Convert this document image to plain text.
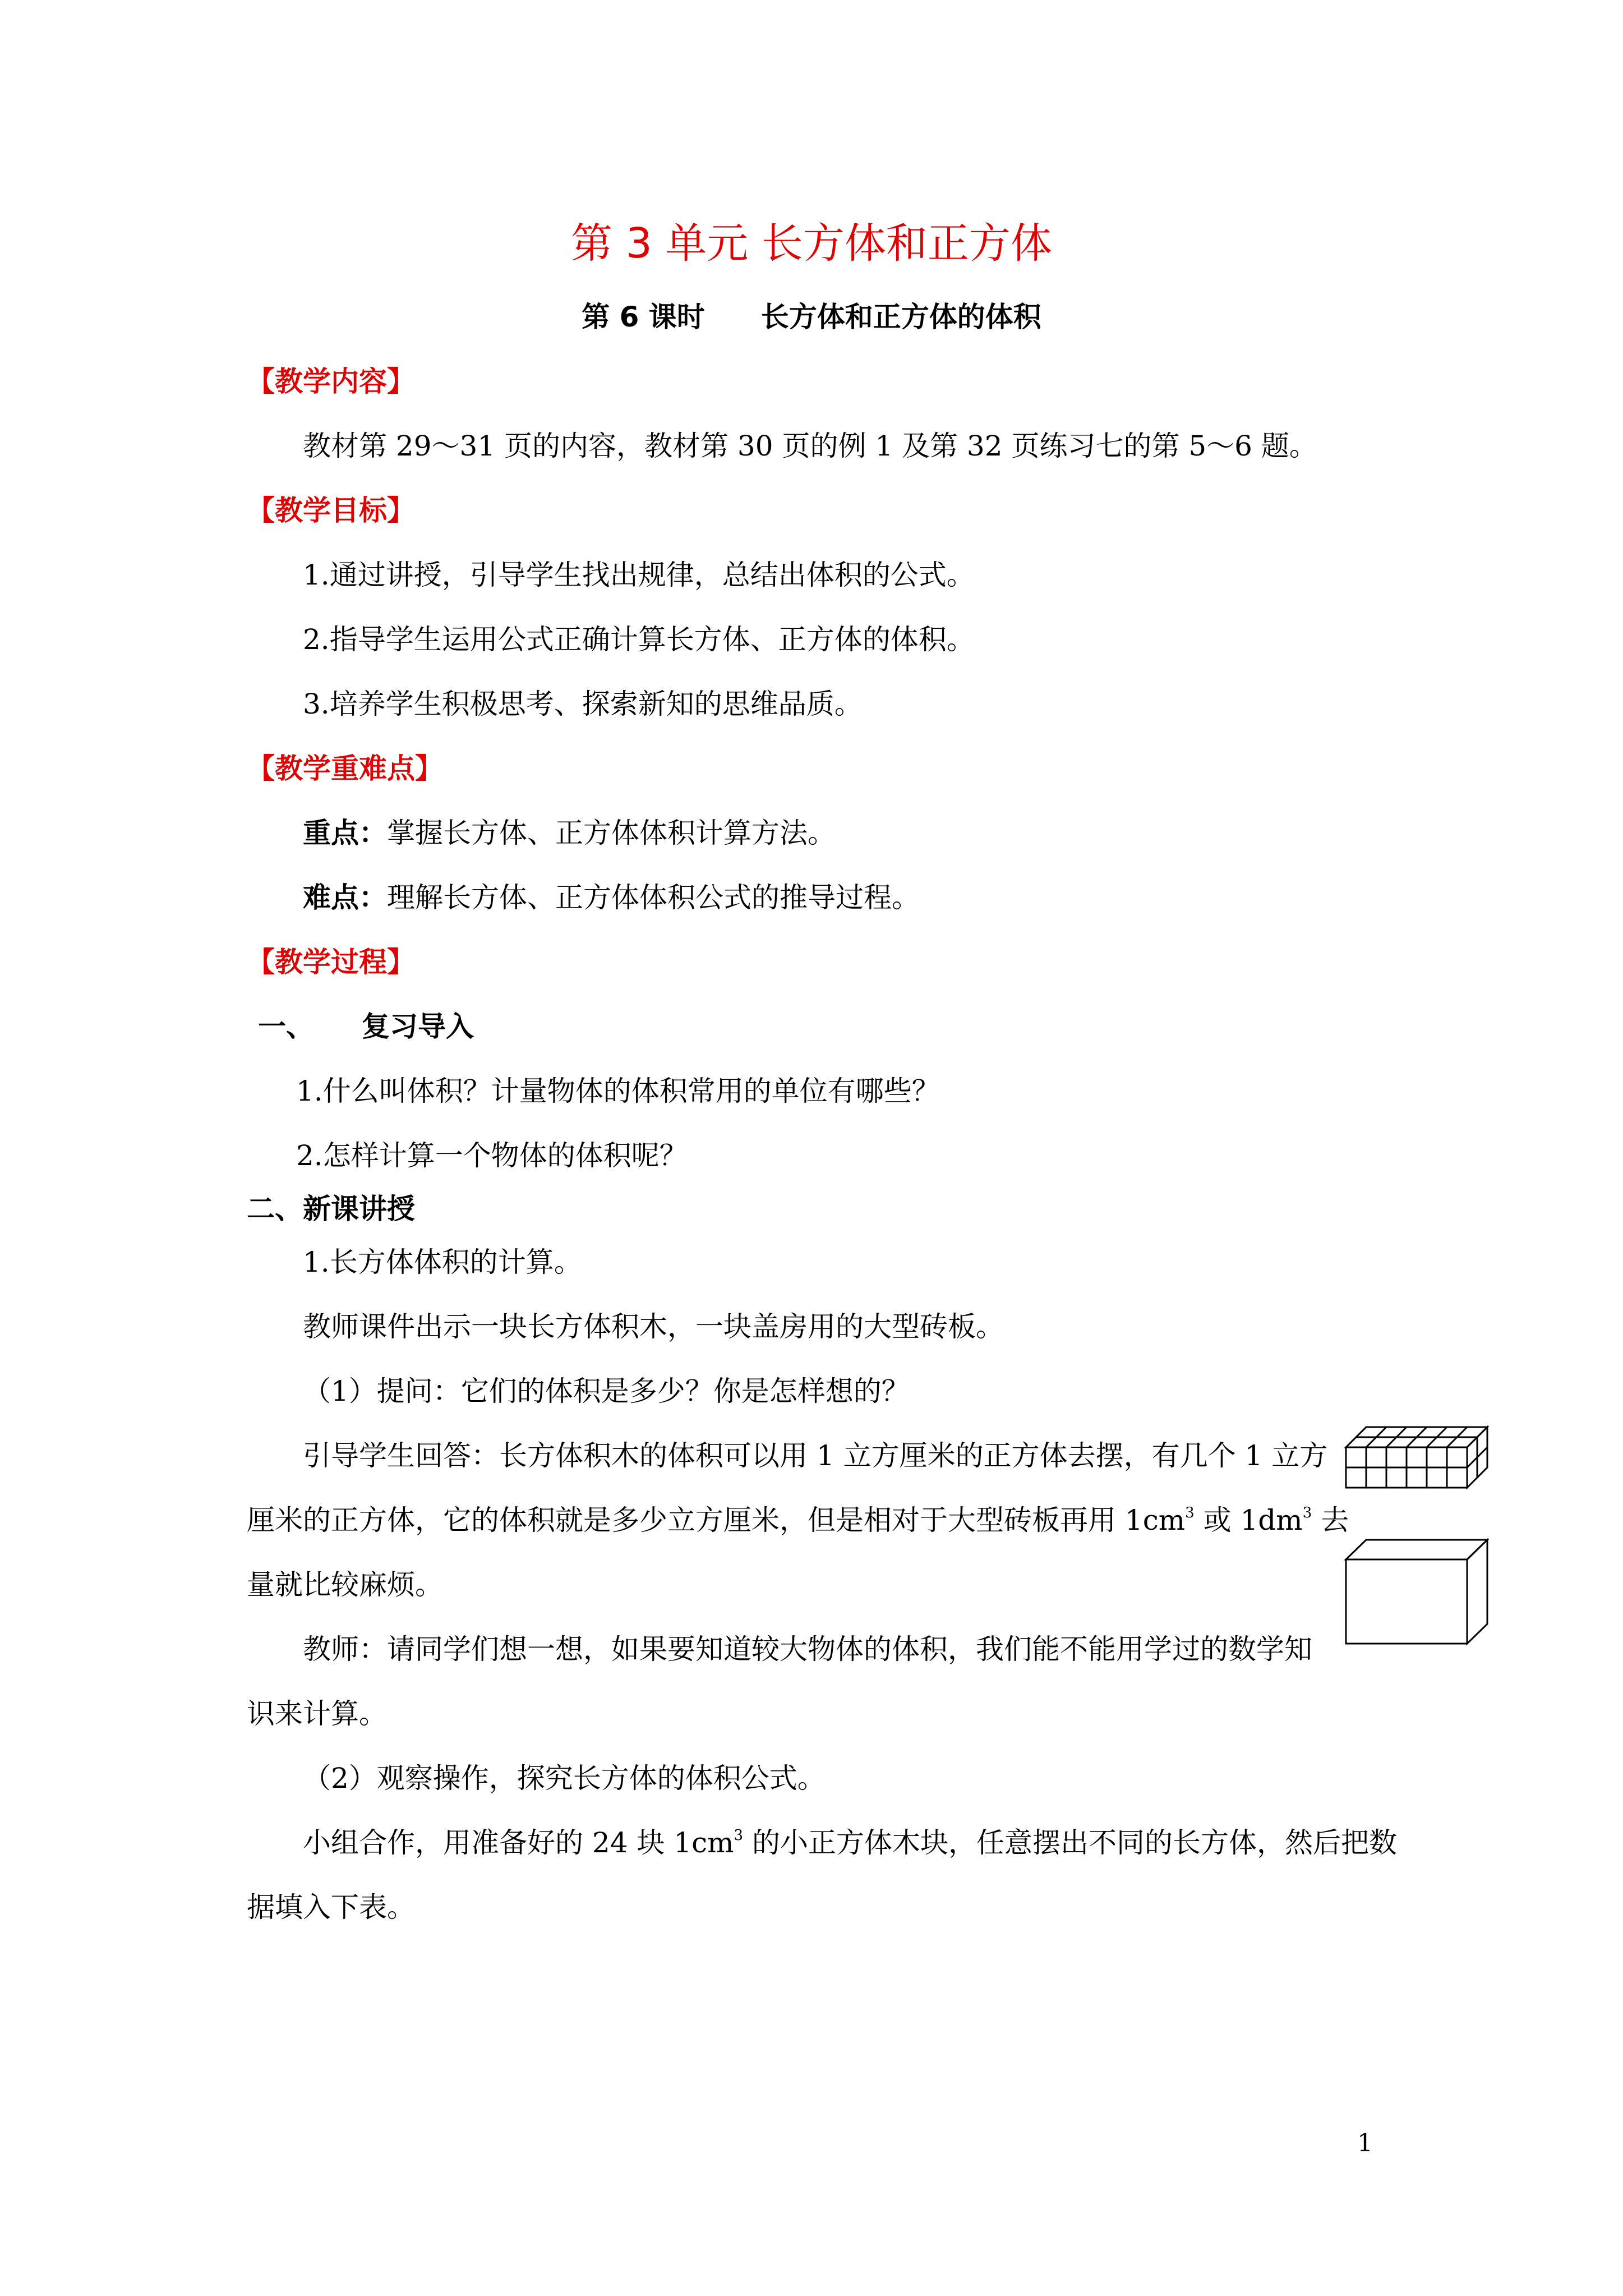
第 3 单元 长方体和正方体
第 6 课时 长方体和正方体的体积
【教学内容】
教材第 29～31 页的内容，教材第 30 页的例 1 及第 32 页练习七的第 5～6 题。
【教学目标】
1.通过讲授，引导学生找出规律，总结出体积的公式。
2.指导学生运用公式正确计算长方体、正方体的体积。
3.培养学生积极思考、探索新知的思维品质。
【教学重难点】
重点：掌握长方体、正方体体积计算方法。
难点：理解长方体、正方体体积公式的推导过程。
【教学过程】
一、 复习导入
1.什么叫体积？计量物体的体积常用的单位有哪些？
2.怎样计算一个物体的体积呢？
二、新课讲授
1.长方体体积的计算。
教师课件出示一块长方体积木，一块盖房用的大型砖板。
（1）提问：它们的体积是多少？你是怎样想的？
引导学生回答：长方体积木的体积可以用 1 立方厘米的正方体去摆，有几个 1 立方
厘米的正方体，它的体积就是多少立方厘米，但是相对于大型砖板再用 $1cm^3$ 或 $1dm^3$ 去
量就比较麻烦。
教师：请同学们想一想，如果要知道较大物体的体积，我们能不能用学过的数学知
识来计算。
（2）观察操作，探究长方体的体积公式。
小组合作，用准备好的 24 块 $1cm^3$ 的小正方体木块，任意摆出不同的长方体，然后把数
据填入下表。
1
